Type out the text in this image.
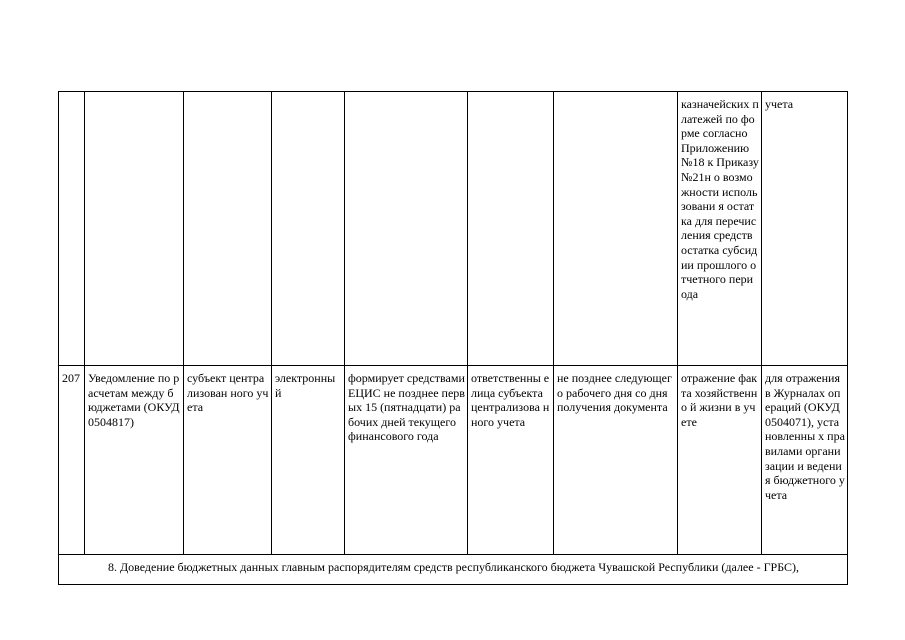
							казначейских платежей по форме согласно Приложению №18 к Приказу №21н о возможности использовани я остатка для перечисления средств остатка субсидии прошлого отчетного периода	учета
207	Уведомление по расчетам между бюджетами (ОКУД 0504817)	субъект централизован ного учета	электронны й	формирует средствами ЕЦИС не позднее первых 15 (пятнадцати) рабочих дней текущего финансового года	ответственны е лица субъекта централизова нного учета	не позднее следующего рабочего дня со дня получения документа	отражение факта хозяйственно й жизни в учете	для отражения в Журналах операций (ОКУД 0504071), установленны х правилами организации и ведения бюджетного учета
8. Доведение бюджетных данных главным распорядителям средств республиканского бюджета Чувашской Республики (далее - ГРБС),								
